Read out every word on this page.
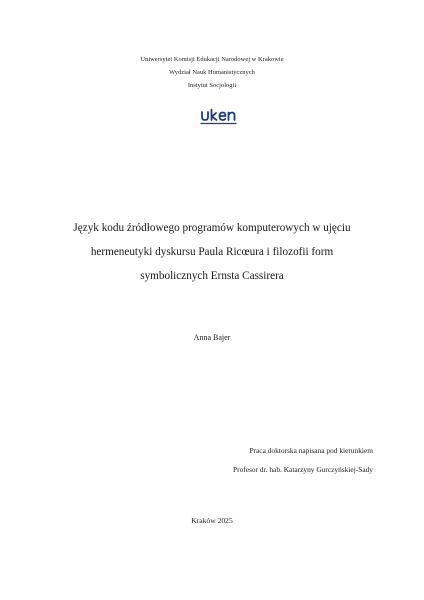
Uniwersytet Komisji Edukacji Narodowej w Krakowie
Wydział Nauk Humanistycznych
Instytut Socjologii
Język kodu źródłowego programów komputerowych w ujęciu
hermeneutyki dyskursu Paula Ricœura i filozofii form
symbolicznych Ernsta Cassirera
Anna Bajer
Praca doktorska napisana pod kierunkiem
Profesor dr. hab. Katarzyny Gurczyńskiej-Sady
Kraków 2025
